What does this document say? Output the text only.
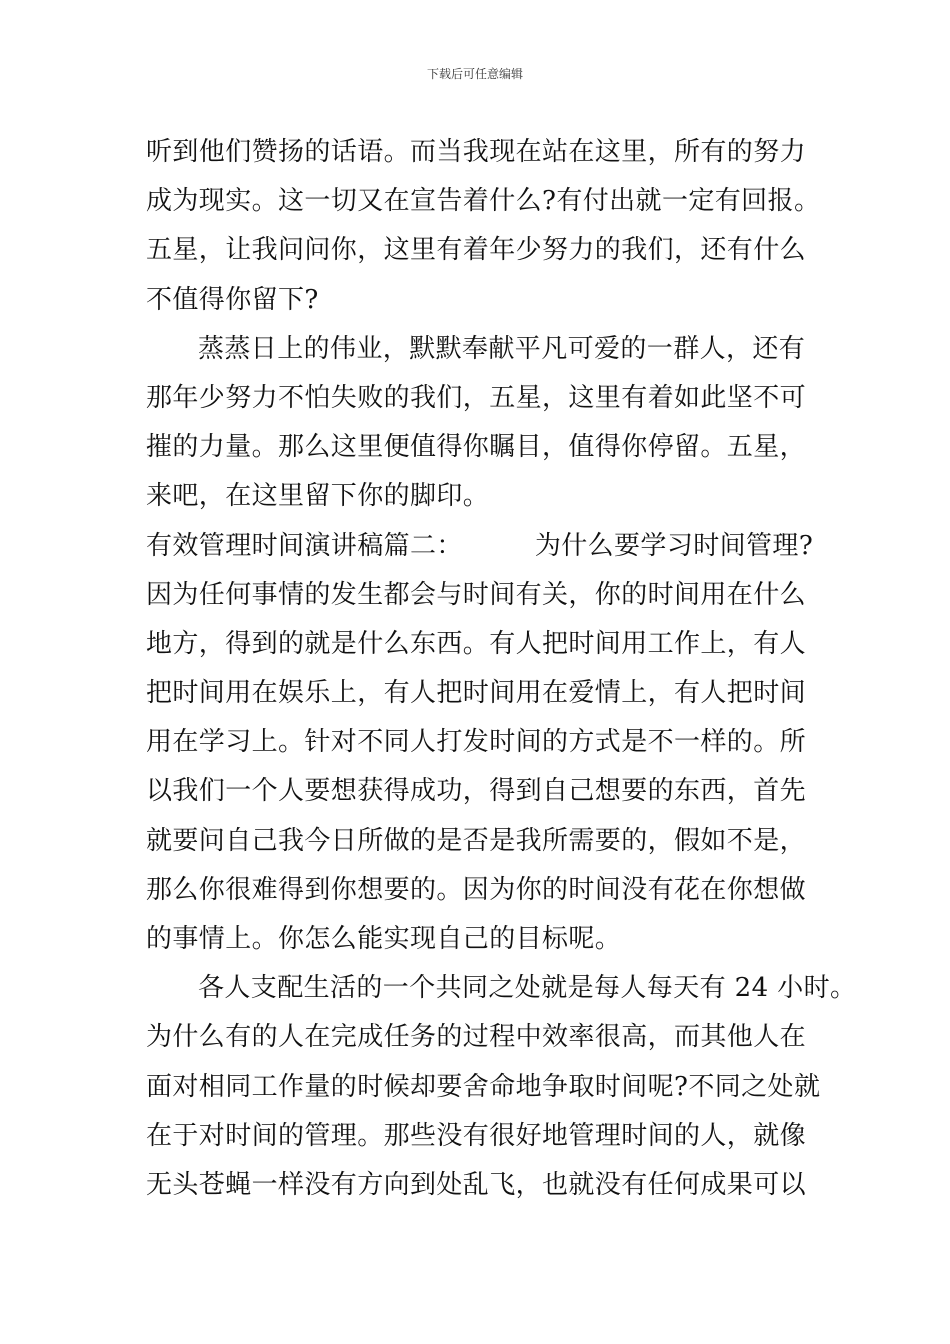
下载后可任意编辑
听到他们赞扬的话语。而当我现在站在这里，所有的努力
成为现实。这一切又在宣告着什么?有付出就一定有回报。
五星，让我问问你，这里有着年少努力的我们，还有什么
不值得你留下?
蒸蒸日上的伟业，默默奉献平凡可爱的一群人，还有
那年少努力不怕失败的我们，五星，这里有着如此坚不可
摧的力量。那么这里便值得你瞩目，值得你停留。五星，
来吧，在这里留下你的脚印。
有效管理时间演讲稿篇二：	为什么要学习时间管理?
因为任何事情的发生都会与时间有关，你的时间用在什么
地方，得到的就是什么东西。有人把时间用工作上，有人
把时间用在娱乐上，有人把时间用在爱情上，有人把时间
用在学习上。针对不同人打发时间的方式是不一样的。所
以我们一个人要想获得成功，得到自己想要的东西，首先
就要问自己我今日所做的是否是我所需要的，假如不是，
那么你很难得到你想要的。因为你的时间没有花在你想做
的事情上。你怎么能实现自己的目标呢。
各人支配生活的一个共同之处就是每人每天有 24 小时。
为什么有的人在完成任务的过程中效率很高，而其他人在
面对相同工作量的时候却要舍命地争取时间呢?不同之处就
在于对时间的管理。那些没有很好地管理时间的人，就像
无头苍蝇一样没有方向到处乱飞，也就没有任何成果可以
